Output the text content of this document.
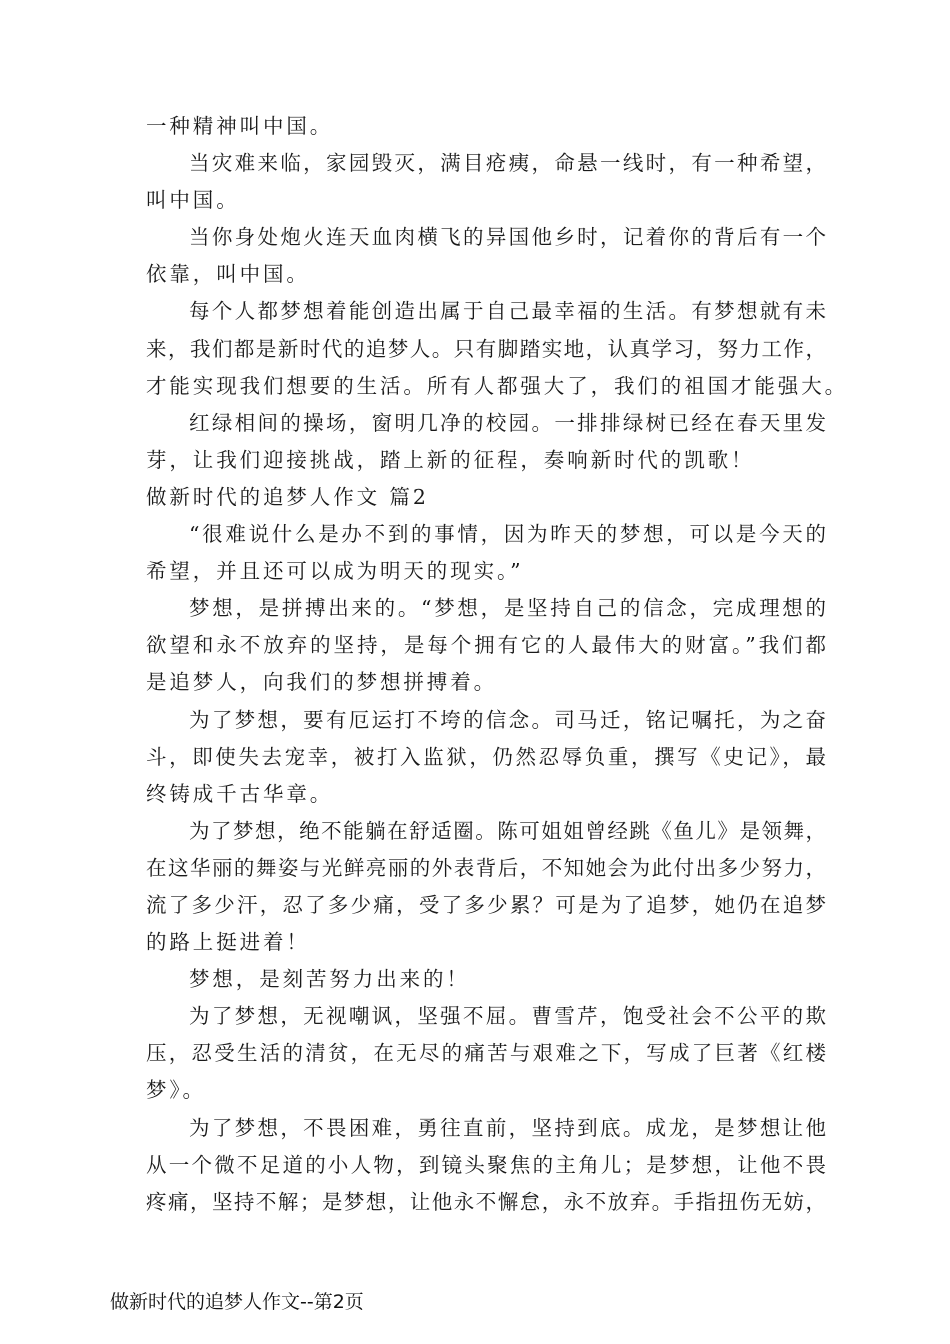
一种精神叫中国。
当灾难来临，家园毁灭，满目疮痍，命悬一线时，有一种希望，
叫中国。
当你身处炮火连天血肉横飞的异国他乡时，记着你的背后有一个
依靠，叫中国。
每个人都梦想着能创造出属于自己最幸福的生活。有梦想就有未
来，我们都是新时代的追梦人。只有脚踏实地，认真学习，努力工作，
才能实现我们想要的生活。所有人都强大了，我们的祖国才能强大。
红绿相间的操场，窗明几净的校园。一排排绿树已经在春天里发
芽，让我们迎接挑战，踏上新的征程，奏响新时代的凯歌！
做新时代的追梦人作文 篇2
“很难说什么是办不到的事情，因为昨天的梦想，可以是今天的
希望，并且还可以成为明天的现实。”
梦想，是拼搏出来的。“梦想，是坚持自己的信念，完成理想的
欲望和永不放弃的坚持，是每个拥有它的人最伟大的财富。”我们都
是追梦人，向我们的梦想拼搏着。
为了梦想，要有厄运打不垮的信念。司马迁，铭记嘱托，为之奋
斗，即使失去宠幸，被打入监狱，仍然忍辱负重，撰写《史记》，最
终铸成千古华章。
为了梦想，绝不能躺在舒适圈。陈可姐姐曾经跳《鱼儿》是领舞，
在这华丽的舞姿与光鲜亮丽的外表背后，不知她会为此付出多少努力，
流了多少汗，忍了多少痛，受了多少累？可是为了追梦，她仍在追梦
的路上挺进着！
梦想，是刻苦努力出来的！
为了梦想，无视嘲讽，坚强不屈。曹雪芹，饱受社会不公平的欺
压，忍受生活的清贫，在无尽的痛苦与艰难之下，写成了巨著《红楼
梦》。
为了梦想，不畏困难，勇往直前，坚持到底。成龙，是梦想让他
从一个微不足道的小人物，到镜头聚焦的主角儿；是梦想，让他不畏
疼痛，坚持不解；是梦想，让他永不懈怠，永不放弃。手指扭伤无妨，
做新时代的追梦人作文--第2页
